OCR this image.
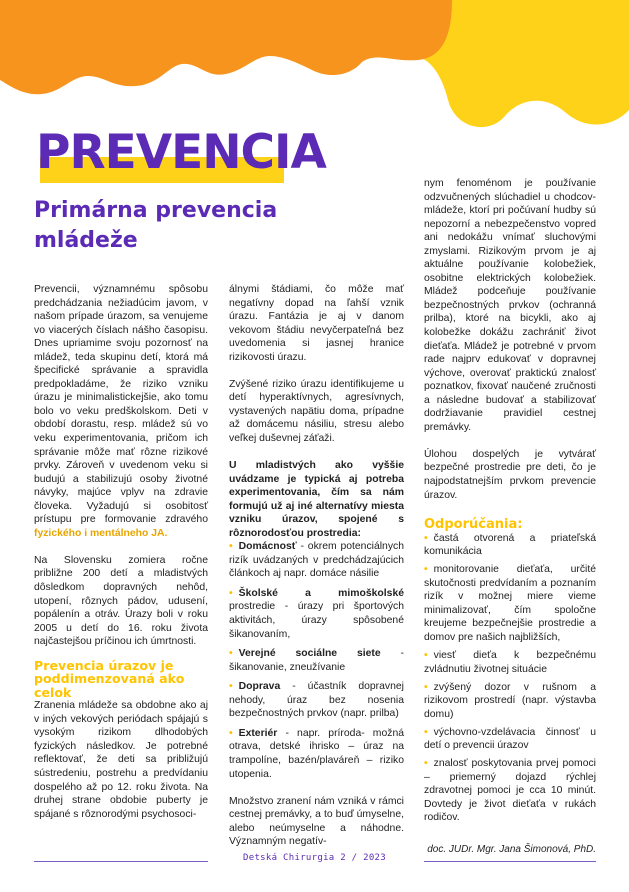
PREVENCIA
Primárna prevencia mládeže

Prevencii, významnému spôsobu predchádzania nežiadúcim javom, v našom prípade úrazom, sa venujeme vo viacerých číslach nášho časopisu. Dnes upriamime svoju pozornosť na mládež, teda skupinu detí, ktorá má špecifické správanie a spravidla predpokladáme, že riziko vzniku úrazu je minimalistickejšie, ako tomu bolo vo veku predškolskom. Deti v období dorastu, resp. mládež sú vo veku experimentovania, pričom ich správanie môže mať rôzne rizikové prvky. Zároveň v uvedenom veku si budujú a stabilizujú osoby životné návyky, majúce vplyv na zdravie človeka. Vyžadujú si osobitosť prístupu pre formovanie zdravého fyzického i mentálneho JA.

Na Slovensku zomiera ročne približne 200 detí a mladistvých dôsledkom dopravných nehôd, utopení, rôznych pádov, udusení, popálenín a otráv. Úrazy boli v roku 2005 u detí do 16. roku života najčastejšou príčinou ich úmrtnosti.

Prevencia úrazov je poddimenzovaná ako celok

Zranenia mládeže sa obdobne ako aj v iných vekových periódach spájajú s vysokým rizikom dlhodobých fyzických následkov. Je potrebné reflektovať, že deti sa približujú sústredeniu, postrehu a predvídaniu dospelého až po 12. roku života. Na druhej strane obdobie puberty je spájané s rôznorodými psychosoci-

álnymi štádiami, čo môže mať negatívny dopad na ľahší vznik úrazu. Fantázia je aj v danom vekovom štádiu nevyčerpateľná bez uvedomenia si jasnej hranice rizikovosti úrazu.

Zvýšené riziko úrazu identifikujeme u detí hyperaktívnych, agresívnych, vystavených napätiu doma, prípadne až domácemu násiliu, stresu alebo veľkej duševnej záťaži.

U mladistvých ako vyššie uvádzame je typická aj potreba experimentovania, čím sa nám formujú už aj iné alternatívy miesta vzniku úrazov, spojené s rôznorodosťou prostredia:

• Domácnosť - okrem potenciálnych rizík uvádzaných v predchádzajúcich článkoch aj napr. domáce násilie
• Školské a mimoškolské prostredie - úrazy pri športových aktivitách, úrazy spôsobené šikanovaním,
• Verejné sociálne siete - šikanovanie, zneužívanie
• Doprava - účastník dopravnej nehody, úraz bez nosenia bezpečnostných prvkov (napr. prilba)
• Exteriér - napr. príroda- možná otrava, detské ihrisko – úraz na trampolíne, bazén/plaváreň – riziko utopenia.

Množstvo zranení nám vzniká v rámci cestnej premávky, a to buď úmyselne, alebo neúmyselne a náhodne. Významným negatív-

nym fenoménom je používanie odzvučnených slúchadiel u chodcov- mládeže, ktorí pri počúvaní hudby sú nepozorní a nebezpečenstvo vopred ani nedokážu vnímať sluchovými zmyslami. Rizikovým prvom je aj aktuálne používanie kolobežiek, osobitne elektrických kolobežiek. Mládež podceňuje používanie bezpečnostných prvkov (ochranná prilba), ktoré na bicykli, ako aj kolobežke dokážu zachrániť život dieťaťa. Mládež je potrebné v prvom rade najprv edukovať v dopravnej výchove, overovať praktickú znalosť poznatkov, fixovať naučené zručnosti a následne budovať a stabilizovať dodržiavanie pravidiel cestnej premávky.

Úlohou dospelých je vytvárať bezpečné prostredie pre deti, čo je najpodstatnejším prvkom prevencie úrazov.

Odporúčania:
• častá otvorená a priateľská komunikácia
• monitorovanie dieťaťa, určité skutočnosti predvídaním a poznaním rizík v možnej miere vieme minimalizovať, čím spoločne kreujeme bezpečnejšie prostredie a domov pre našich najbližších,
• viesť dieťa k bezpečnému zvládnutiu životnej situácie
• zvýšený dozor v rušnom a rizikovom prostredí (napr. výstavba domu)
• výchovno-vzdelávacia činnosť u detí o prevencii úrazov
• znalosť poskytovania prvej pomoci – priemerný dojazd rýchlej zdravotnej pomoci je cca 10 minút. Dovtedy je život dieťaťa v rukách rodičov.
doc. JUDr. Mgr. Jana Šimonová, PhD.
Detská Chirurgia 2 / 2023
